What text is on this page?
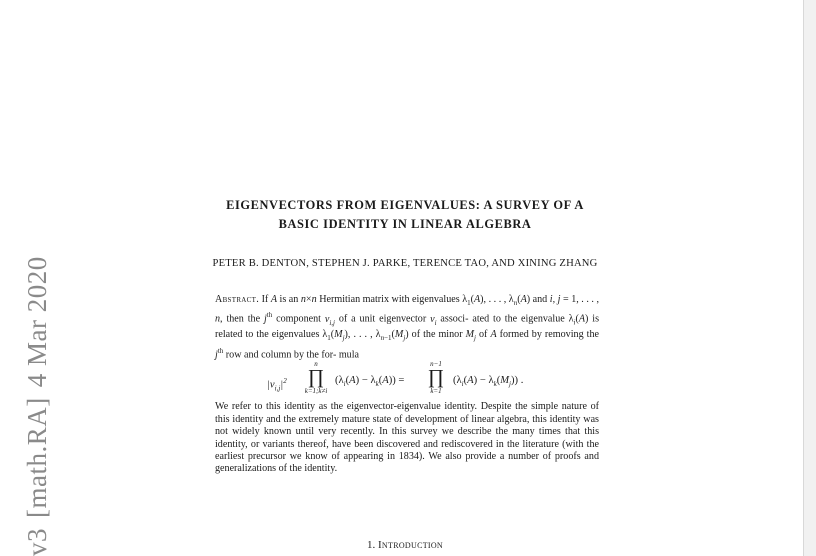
v3[math.RA]4 Mar 2020
EIGENVECTORS FROM EIGENVALUES: A SURVEY OF A
BASIC IDENTITY IN LINEAR ALGEBRA
PETER B. DENTON, STEPHEN J. PARKE, TERENCE TAO, AND XINING ZHANG

Abstract. If A is an n×n Hermitian matrix with eigenvalues $\lambda_1(A)$, . . . , $\lambda_n(A)$ and i, j = 1, . . . , n, then the $j^{th}$ component $v_{i,j}$ of a unit eigenvector $v_i$ associ- ated to the eigenvalue $\lambda_i(A)$ is related to the eigenvalues $\lambda_1(M_j)$, . . . , $\lambda_{n-1}(M_j)$ of the minor $M_j$ of A formed by removing the $j^{th}$ row and column by the for- mula

$|v_{i,j}|^2$
n
∏
k=1;k≠i
$(\lambda_i(A) - \lambda_k(A))$ =
n−1
∏
k=1
$(\lambda_i(A) - \lambda_k(M_j))$ .

We refer to this identity as the eigenvector-eigenvalue identity. Despite the simple nature of this identity and the extremely mature state of development of linear algebra, this identity was not widely known until very recently. In this survey we describe the many times that this identity, or variants thereof, have been discovered and rediscovered in the literature (with the earliest precursor we know of appearing in 1834). We also provide a number of proofs and generalizations of the identity.

1. Introduction
